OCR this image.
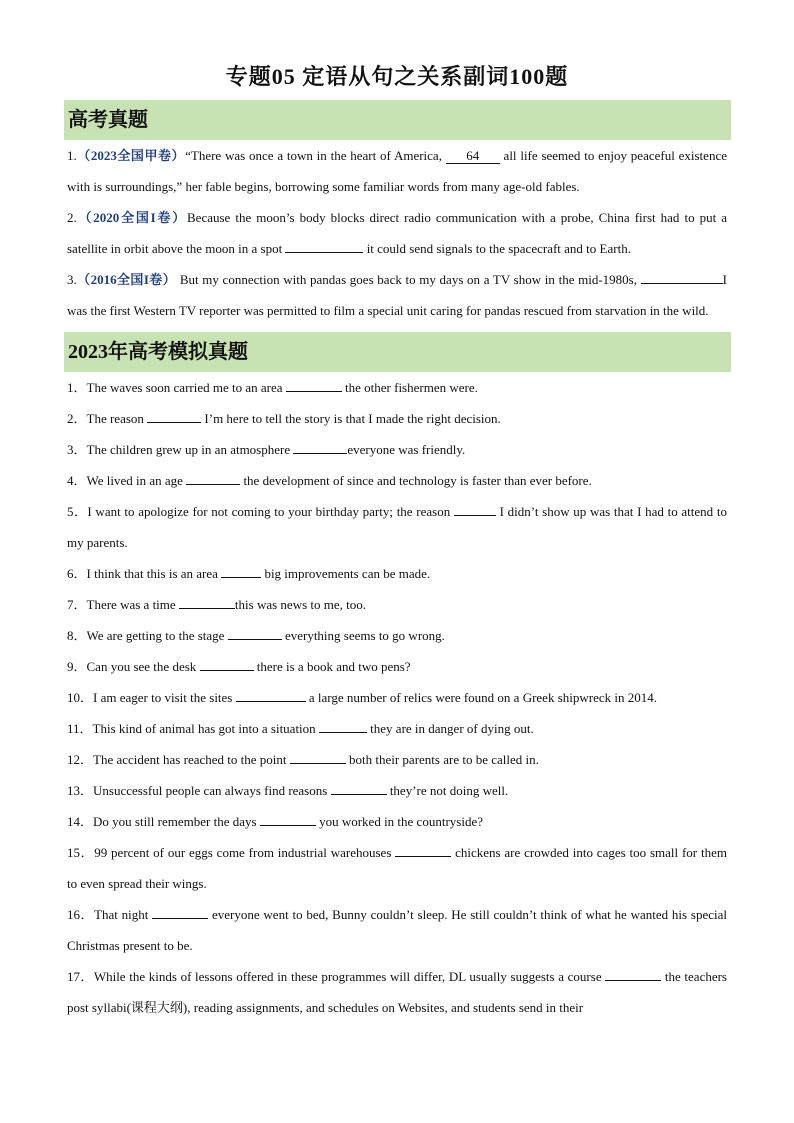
专题05 定语从句之关系副词100题
高考真题
1.（2023全国甲卷）“There was once a town in the heart of America, 64 all life seemed to enjoy peaceful existence with is surroundings,” her fable begins, borrowing some familiar words from many age-old fables.
2.（2020全国I卷）Because the moon’s body blocks direct radio communication with a probe, China first had to put a satellite in orbit above the moon in a spot	it could send signals to the spacecraft and to Earth.
3.（2016全国I卷） But my connection with pandas goes back to my days on a TV show in the mid-1980s,	I was the first Western TV reporter was permitted to film a special unit caring for pandas rescued from starvation in the wild.
2023年高考模拟真题
1．The waves soon carried me to an area	the other fishermen were.
2．The reason	I’m here to tell the story is that I made the right decision.
3．The children grew up in an atmosphere	everyone was friendly.
4．We lived in an age	the development of since and technology is faster than ever before.
5．I want to apologize for not coming to your birthday party; the reason	I didn’t show up was that I had to attend to my parents.
6．I think that this is an area	big improvements can be made.
7．There was a time	this was news to me, too.
8．We are getting to the stage	everything seems to go wrong.
9．Can you see the desk	there is a book and two pens?
10．I am eager to visit the sites	a large number of relics were found on a Greek shipwreck in 2014.
11．This kind of animal has got into a situation	they are in danger of dying out.
12．The accident has reached to the point	both their parents are to be called in.
13．Unsuccessful people can always find reasons	they’re not doing well.
14．Do you still remember the days	you worked in the countryside?
15．99 percent of our eggs come from industrial warehouses	chickens are crowded into cages too small for them to even spread their wings.
16．That night	everyone went to bed, Bunny couldn’t sleep. He still couldn’t think of what he wanted his special Christmas present to be.
17．While the kinds of lessons offered in these programmes will differ, DL usually suggests a course	the teachers post syllabi(课程大纲), reading assignments, and schedules on Websites, and students send in their
